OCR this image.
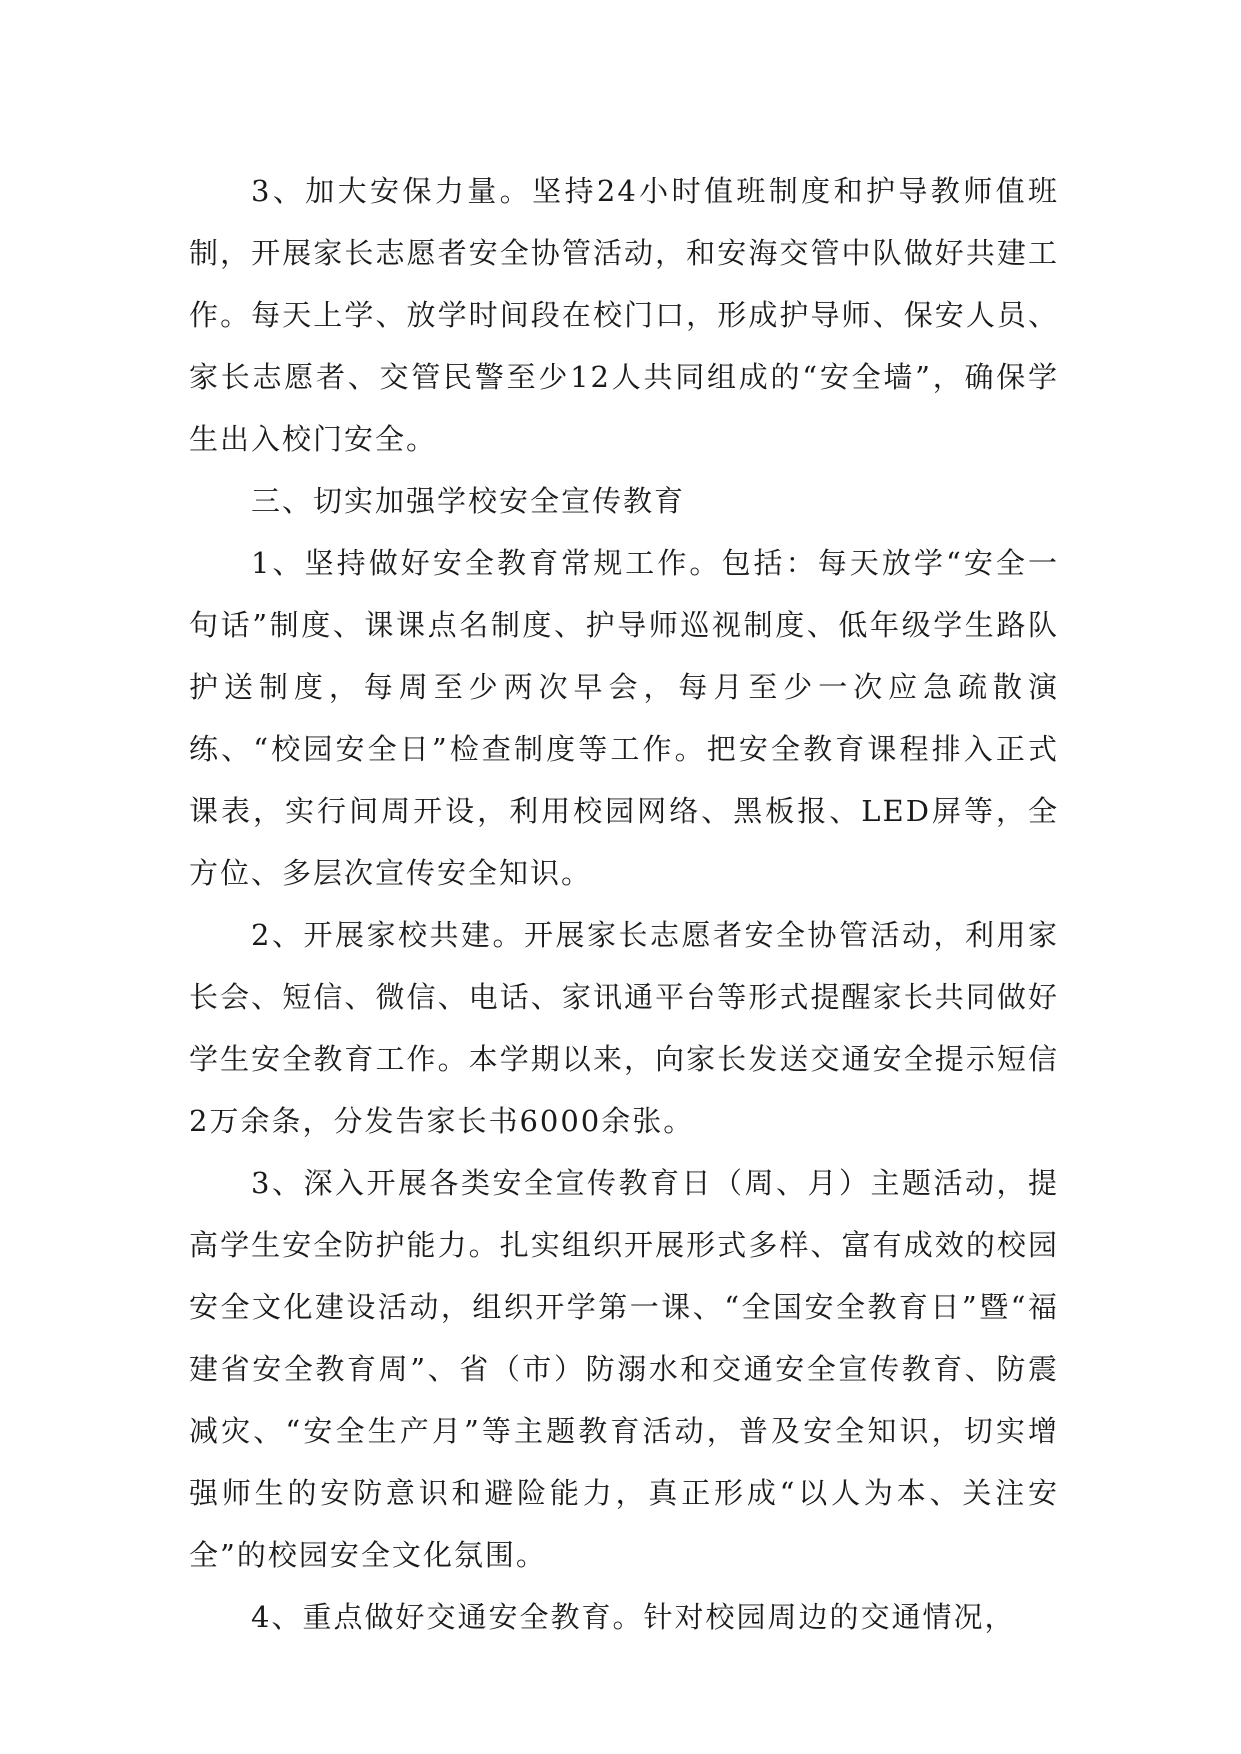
3、加大安保力量。坚持24小时值班制度和护导教师值班制，开展家长志愿者安全协管活动，和安海交管中队做好共建工作。每天上学、放学时间段在校门口，形成护导师、保安人员、家长志愿者、交管民警至少12人共同组成的“安全墙”，确保学生出入校门安全。

三、切实加强学校安全宣传教育

1、坚持做好安全教育常规工作。包括：每天放学“安全一句话”制度、课课点名制度、护导师巡视制度、低年级学生路队护送制度，每周至少两次早会，每月至少一次应急疏散演练、“校园安全日”检查制度等工作。把安全教育课程排入正式课表，实行间周开设，利用校园网络、黑板报、LED屏等，全方位、多层次宣传安全知识。

2、开展家校共建。开展家长志愿者安全协管活动，利用家长会、短信、微信、电话、家讯通平台等形式提醒家长共同做好学生安全教育工作。本学期以来，向家长发送交通安全提示短信2万余条，分发告家长书6000余张。

3、深入开展各类安全宣传教育日（周、月）主题活动，提高学生安全防护能力。扎实组织开展形式多样、富有成效的校园安全文化建设活动，组织开学第一课、“全国安全教育日”暨“福建省安全教育周”、省（市）防溺水和交通安全宣传教育、防震减灾、“安全生产月”等主题教育活动，普及安全知识，切实增强师生的安防意识和避险能力，真正形成“以人为本、关注安全”的校园安全文化氛围。

4、重点做好交通安全教育。针对校园周边的交通情况，
